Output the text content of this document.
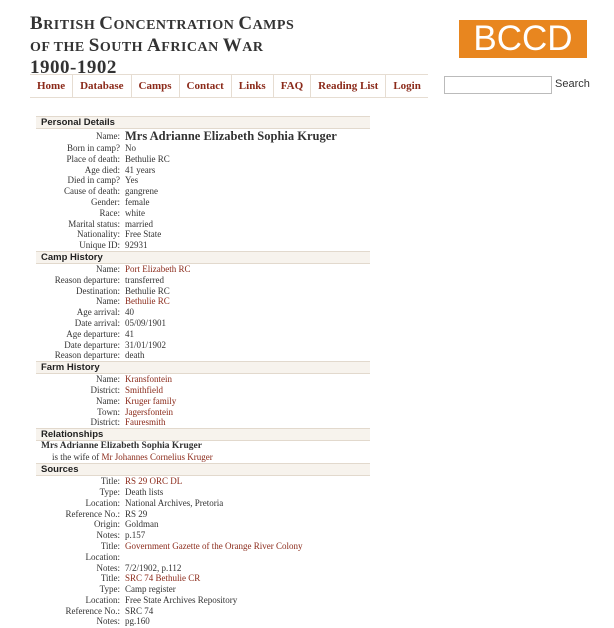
BRITISH CONCENTRATION CAMPS
OF THE SOUTH AFRICAN WAR
1900-1902
BCCD
Home	Database	Camps	Contact	Links	FAQ	Reading List	Login	Search
Personal Details
Name: Mrs Adrianne Elizabeth Sophia Kruger
Born in camp? No
Place of death: Bethulie RC
Age died: 41 years
Died in camp? Yes
Cause of death: gangrene
Gender: female
Race: white
Marital status: married
Nationality: Free State
Unique ID: 92931
Camp History
Name: Port Elizabeth RC
Reason departure: transferred
Destination: Bethulie RC
Name: Bethulie RC
Age arrival: 40
Date arrival: 05/09/1901
Age departure: 41
Date departure: 31/01/1902
Reason departure: death
Farm History
Name: Kransfontein
District: Smithfield
Name: Kruger family
Town: Jagersfontein
District: Fauresmith
Relationships
Mrs Adrianne Elizabeth Sophia Kruger
is the wife of Mr Johannes Cornelius Kruger
Sources
Title: RS 29 ORC DL
Type: Death lists
Location: National Archives, Pretoria
Reference No.: RS 29
Origin: Goldman
Notes: p.157
Title: Government Gazette of the Orange River Colony
Location:
Notes: 7/2/1902, p.112
Title: SRC 74 Bethulie CR
Type: Camp register
Location: Free State Archives Repository
Reference No.: SRC 74
Notes: pg.160
